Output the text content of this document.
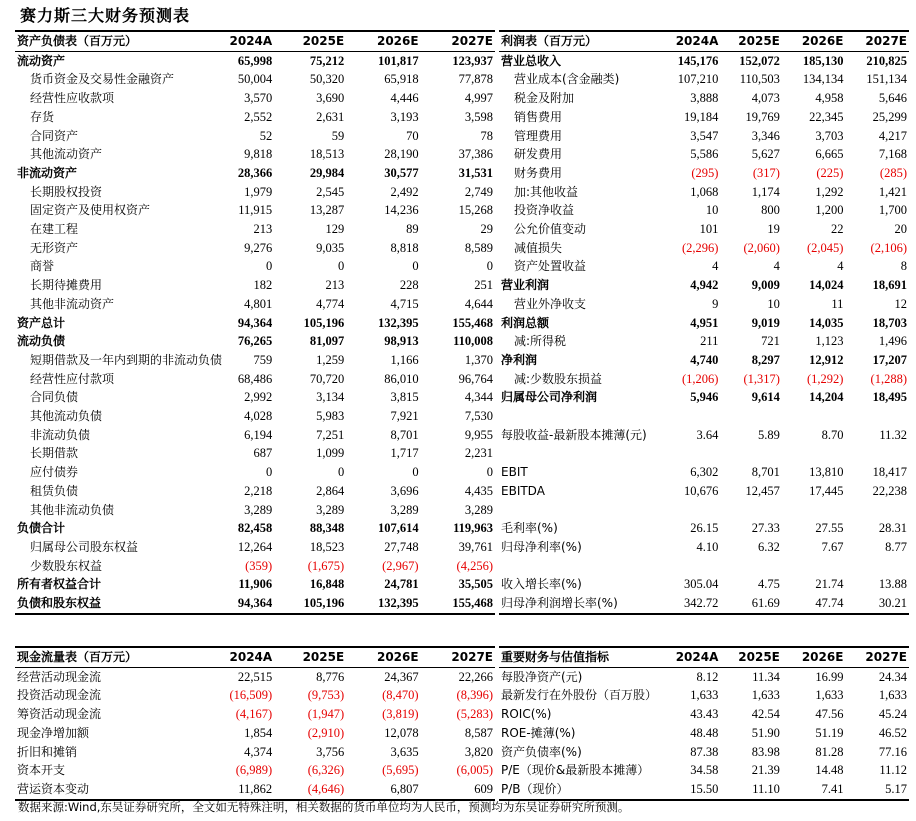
赛力斯三大财务预测表
资产负债表（百万元）	2024A	2025E	2026E	2027E
流动资产	65,998	75,212	101,817	123,937
货币资金及交易性金融资产	50,004	50,320	65,918	77,878
经营性应收款项	3,570	3,690	4,446	4,997
存货	2,552	2,631	3,193	3,598
合同资产	52	59	70	78
其他流动资产	9,818	18,513	28,190	37,386
非流动资产	28,366	29,984	30,577	31,531
长期股权投资	1,979	2,545	2,492	2,749
固定资产及使用权资产	11,915	13,287	14,236	15,268
在建工程	213	129	89	29
无形资产	9,276	9,035	8,818	8,589
商誉	0	0	0	0
长期待摊费用	182	213	228	251
其他非流动资产	4,801	4,774	4,715	4,644
资产总计	94,364	105,196	132,395	155,468
流动负债	76,265	81,097	98,913	110,008
短期借款及一年内到期的非流动负债	759	1,259	1,166	1,370
经营性应付款项	68,486	70,720	86,010	96,764
合同负债	2,992	3,134	3,815	4,344
其他流动负债	4,028	5,983	7,921	7,530
非流动负债	6,194	7,251	8,701	9,955
长期借款	687	1,099	1,717	2,231
应付债券	0	0	0	0
租赁负债	2,218	2,864	3,696	4,435
其他非流动负债	3,289	3,289	3,289	3,289
负债合计	82,458	88,348	107,614	119,963
归属母公司股东权益	12,264	18,523	27,748	39,761
少数股东权益	(359)	(1,675)	(2,967)	(4,256)
所有者权益合计	11,906	16,848	24,781	35,505
负债和股东权益	94,364	105,196	132,395	155,468
利润表（百万元）	2024A	2025E	2026E	2027E
营业总收入	145,176	152,072	185,130	210,825
营业成本(含金融类)	107,210	110,503	134,134	151,134
税金及附加	3,888	4,073	4,958	5,646
销售费用	19,184	19,769	22,345	25,299
管理费用	3,547	3,346	3,703	4,217
研发费用	5,586	5,627	6,665	7,168
财务费用	(295)	(317)	(225)	(285)
加:其他收益	1,068	1,174	1,292	1,421
投资净收益	10	800	1,200	1,700
公允价值变动	101	19	22	20
减值损失	(2,296)	(2,060)	(2,045)	(2,106)
资产处置收益	4	4	4	8
营业利润	4,942	9,009	14,024	18,691
营业外净收支	9	10	11	12
利润总额	4,951	9,019	14,035	18,703
减:所得税	211	721	1,123	1,496
净利润	4,740	8,297	12,912	17,207
减:少数股东损益	(1,206)	(1,317)	(1,292)	(1,288)
归属母公司净利润	5,946	9,614	14,204	18,495

每股收益-最新股本摊薄(元)	3.64	5.89	8.70	11.32

EBIT	6,302	8,701	13,810	18,417
EBITDA	10,676	12,457	17,445	22,238

毛利率(%)	26.15	27.33	27.55	28.31
归母净利率(%)	4.10	6.32	7.67	8.77

收入增长率(%)	305.04	4.75	21.74	13.88
归母净利润增长率(%)	342.72	61.69	47.74	30.21
现金流量表（百万元）	2024A	2025E	2026E	2027E
经营活动现金流	22,515	8,776	24,367	22,266
投资活动现金流	(16,509)	(9,753)	(8,470)	(8,396)
筹资活动现金流	(4,167)	(1,947)	(3,819)	(5,283)
现金净增加额	1,854	(2,910)	12,078	8,587
折旧和摊销	4,374	3,756	3,635	3,820
资本开支	(6,989)	(6,326)	(5,695)	(6,005)
营运资本变动	11,862	(4,646)	6,807	609
重要财务与估值指标	2024A	2025E	2026E	2027E
每股净资产(元)	8.12	11.34	16.99	24.34
最新发行在外股份（百万股）	1,633	1,633	1,633	1,633
ROIC(%)	43.43	42.54	47.56	45.24
ROE-摊薄(%)	48.48	51.90	51.19	46.52
资产负债率(%)	87.38	83.98	81.28	77.16
P/E（现价&最新股本摊薄）	34.58	21.39	14.48	11.12
P/B（现价）	15.50	11.10	7.41	5.17
数据来源:Wind,东吴证券研究所，全文如无特殊注明，相关数据的货币单位均为人民币，预测均为东吴证券研究所预测。
